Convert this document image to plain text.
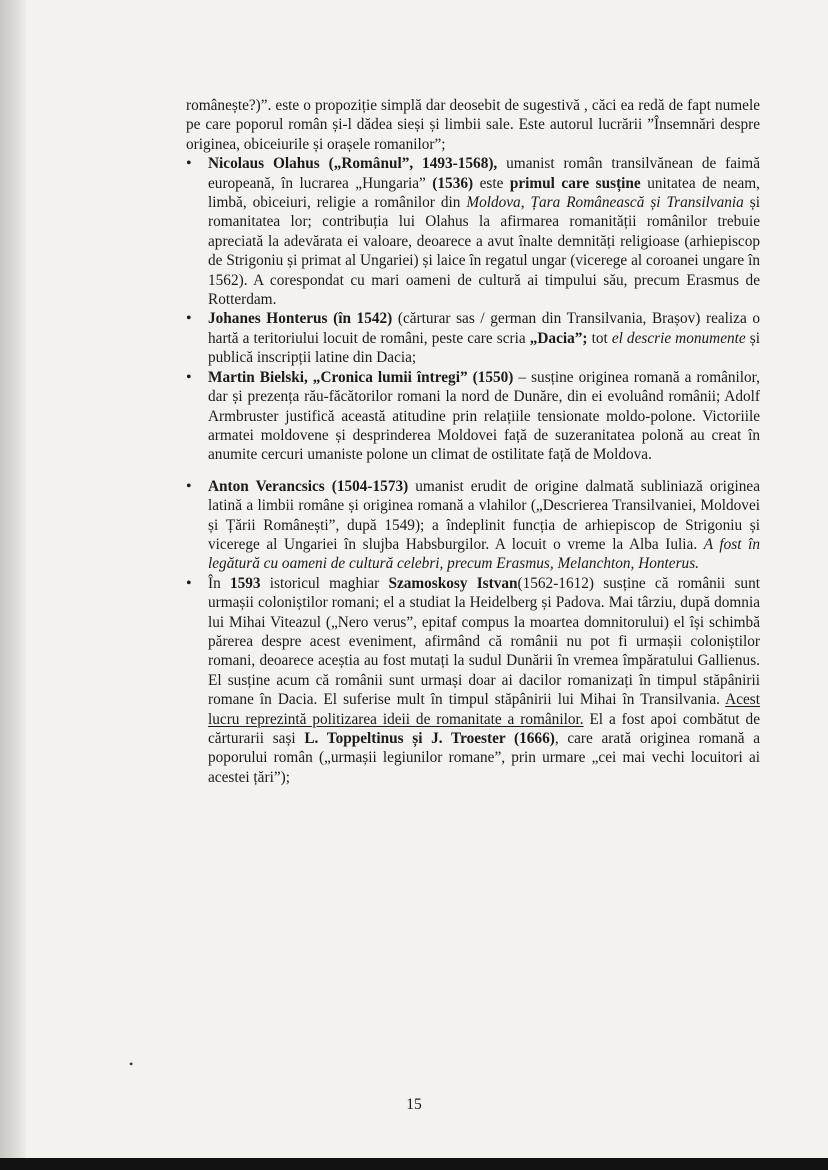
românește?)”. este o propoziție simplă dar deosebit de sugestivă , căci ea redă de fapt numele pe care poporul român și-l dădea sieși și limbii sale. Este autorul lucrării ”Însemnări despre originea, obiceiurile și orașele romanilor”;

• Nicolaus Olahus („Românul”, 1493-1568), umanist român transilvănean de faimă europeană, în lucrarea „Hungaria” (1536) este primul care susține unitatea de neam, limbă, obiceiuri, religie a românilor din Moldova, Țara Românească și Transilvania și romanitatea lor; contribuția lui Olahus la afirmarea romanității românilor trebuie apreciată la adevărata ei valoare, deoarece a avut înalte demnități religioase (arhiepiscop de Strigoniu și primat al Ungariei) și laice în regatul ungar (vicerege al coroanei ungare în 1562). A corespondat cu mari oameni de cultură ai timpului său, precum Erasmus de Rotterdam.
• Johanes Honterus (în 1542) (cărturar sas / german din Transilvania, Brașov) realiza o hartă a teritoriului locuit de români, peste care scria „Dacia”; tot el descrie monumente și publică inscripții latine din Dacia;
• Martin Bielski, „Cronica lumii întregi” (1550) – susține originea romană a românilor, dar și prezența rău-făcătorilor romani la nord de Dunăre, din ei evoluând românii; Adolf Armbruster justifică această atitudine prin relațiile tensionate moldo-polone. Victoriile armatei moldovene și desprinderea Moldovei față de suzeranitatea polonă au creat în anumite cercuri umaniste polone un climat de ostilitate față de Moldova.
• Anton Verancsics (1504-1573) umanist erudit de origine dalmată subliniază originea latină a limbii române și originea romană a vlahilor („Descrierea Transilvaniei, Moldovei și Țării Românești”, după 1549); a îndeplinit funcția de arhiepiscop de Strigoniu și vicerege al Ungariei în slujba Habsburgilor. A locuit o vreme la Alba Iulia. A fost în legătură cu oameni de cultură celebri, precum Erasmus, Melanchton, Honterus.
• În 1593 istoricul maghiar Szamoskosy Istvan(1562-1612) susține că românii sunt urmașii coloniștilor romani; el a studiat la Heidelberg și Padova. Mai târziu, după domnia lui Mihai Viteazul („Nero verus”, epitaf compus la moartea domnitorului) el își schimbă părerea despre acest eveniment, afirmând că românii nu pot fi urmașii coloniștilor romani, deoarece aceștia au fost mutați la sudul Dunării în vremea împăratului Gallienus. El susține acum că românii sunt urmași doar ai dacilor romanizați în timpul stăpânirii romane în Dacia. El suferise mult în timpul stăpânirii lui Mihai în Transilvania. Acest lucru reprezintă politizarea ideii de romanitate a românilor. El a fost apoi combătut de cărturarii sași L. Toppeltinus și J. Troester (1666), care arată originea romană a poporului român („urmașii legiunilor romane”, prin urmare „cei mai vechi locuitori ai acestei țări”);
•
15
